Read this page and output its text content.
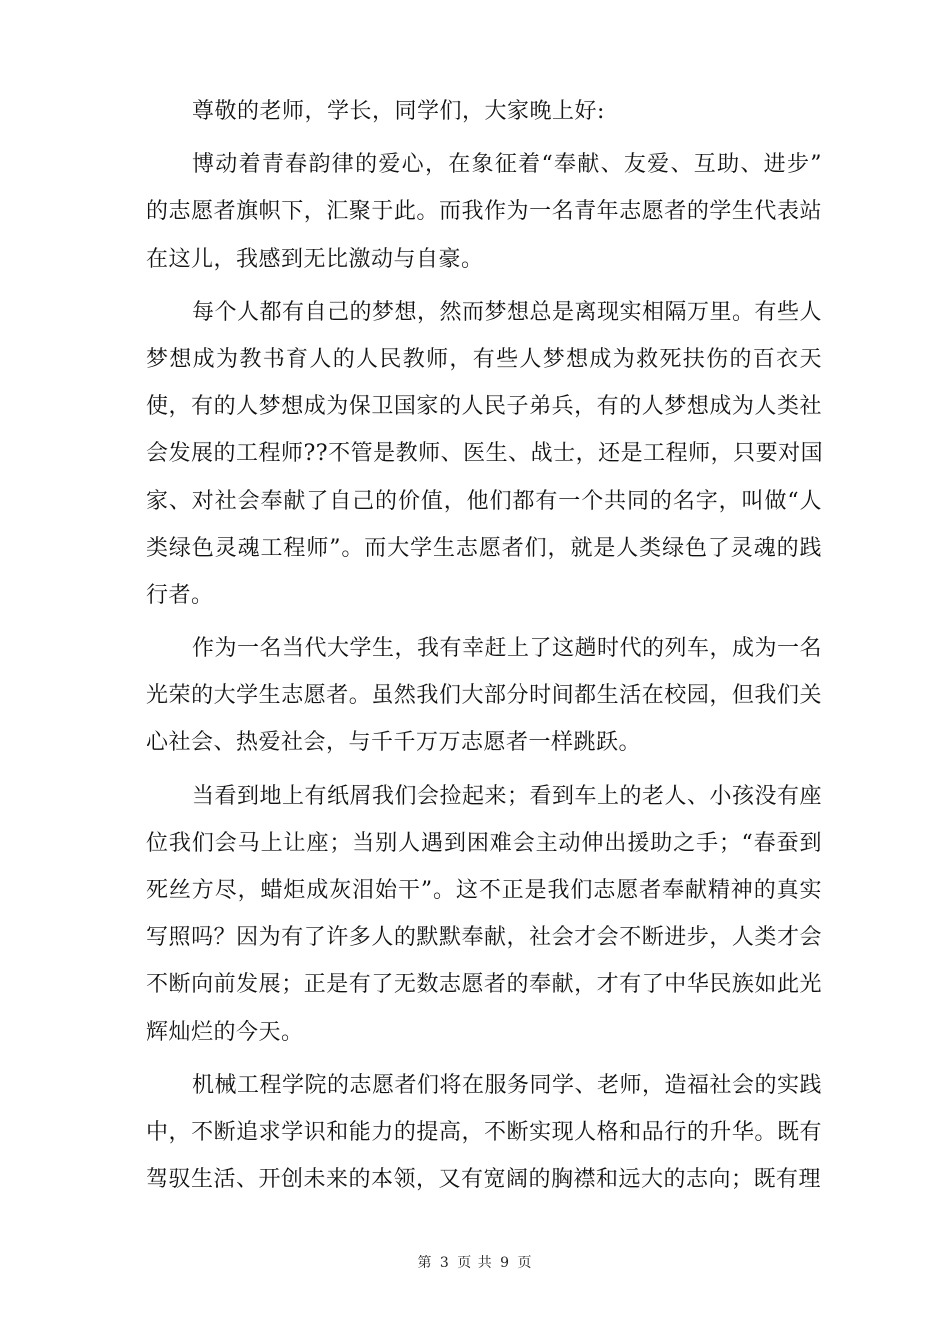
尊敬的老师，学长，同学们，大家晚上好:
博动着青春韵律的爱心，在象征着“奉献、友爱、互助、进步”
的志愿者旗帜下，汇聚于此。而我作为一名青年志愿者的学生代表站
在这儿，我感到无比激动与自豪。
每个人都有自己的梦想，然而梦想总是离现实相隔万里。有些人
梦想成为教书育人的人民教师，有些人梦想成为救死扶伤的百衣天
使，有的人梦想成为保卫国家的人民子弟兵，有的人梦想成为人类社
会发展的工程师??不管是教师、医生、战士，还是工程师，只要对国
家、对社会奉献了自己的价值，他们都有一个共同的名字，叫做“人
类绿色灵魂工程师”。而大学生志愿者们，就是人类绿色了灵魂的践
行者。
作为一名当代大学生，我有幸赶上了这趟时代的列车，成为一名
光荣的大学生志愿者。虽然我们大部分时间都生活在校园，但我们关
心社会、热爱社会，与千千万万志愿者一样跳跃。
当看到地上有纸屑我们会捡起来；看到车上的老人、小孩没有座
位我们会马上让座；当别人遇到困难会主动伸出援助之手；“春蚕到
死丝方尽，蜡炬成灰泪始干”。这不正是我们志愿者奉献精神的真实
写照吗？因为有了许多人的默默奉献，社会才会不断进步，人类才会
不断向前发展；正是有了无数志愿者的奉献，才有了中华民族如此光
辉灿烂的今天。
机械工程学院的志愿者们将在服务同学、老师，造福社会的实践
中，不断追求学识和能力的提高，不断实现人格和品行的升华。既有
驾驭生活、开创未来的本领，又有宽阔的胸襟和远大的志向；既有理
第 3 页 共 9 页
